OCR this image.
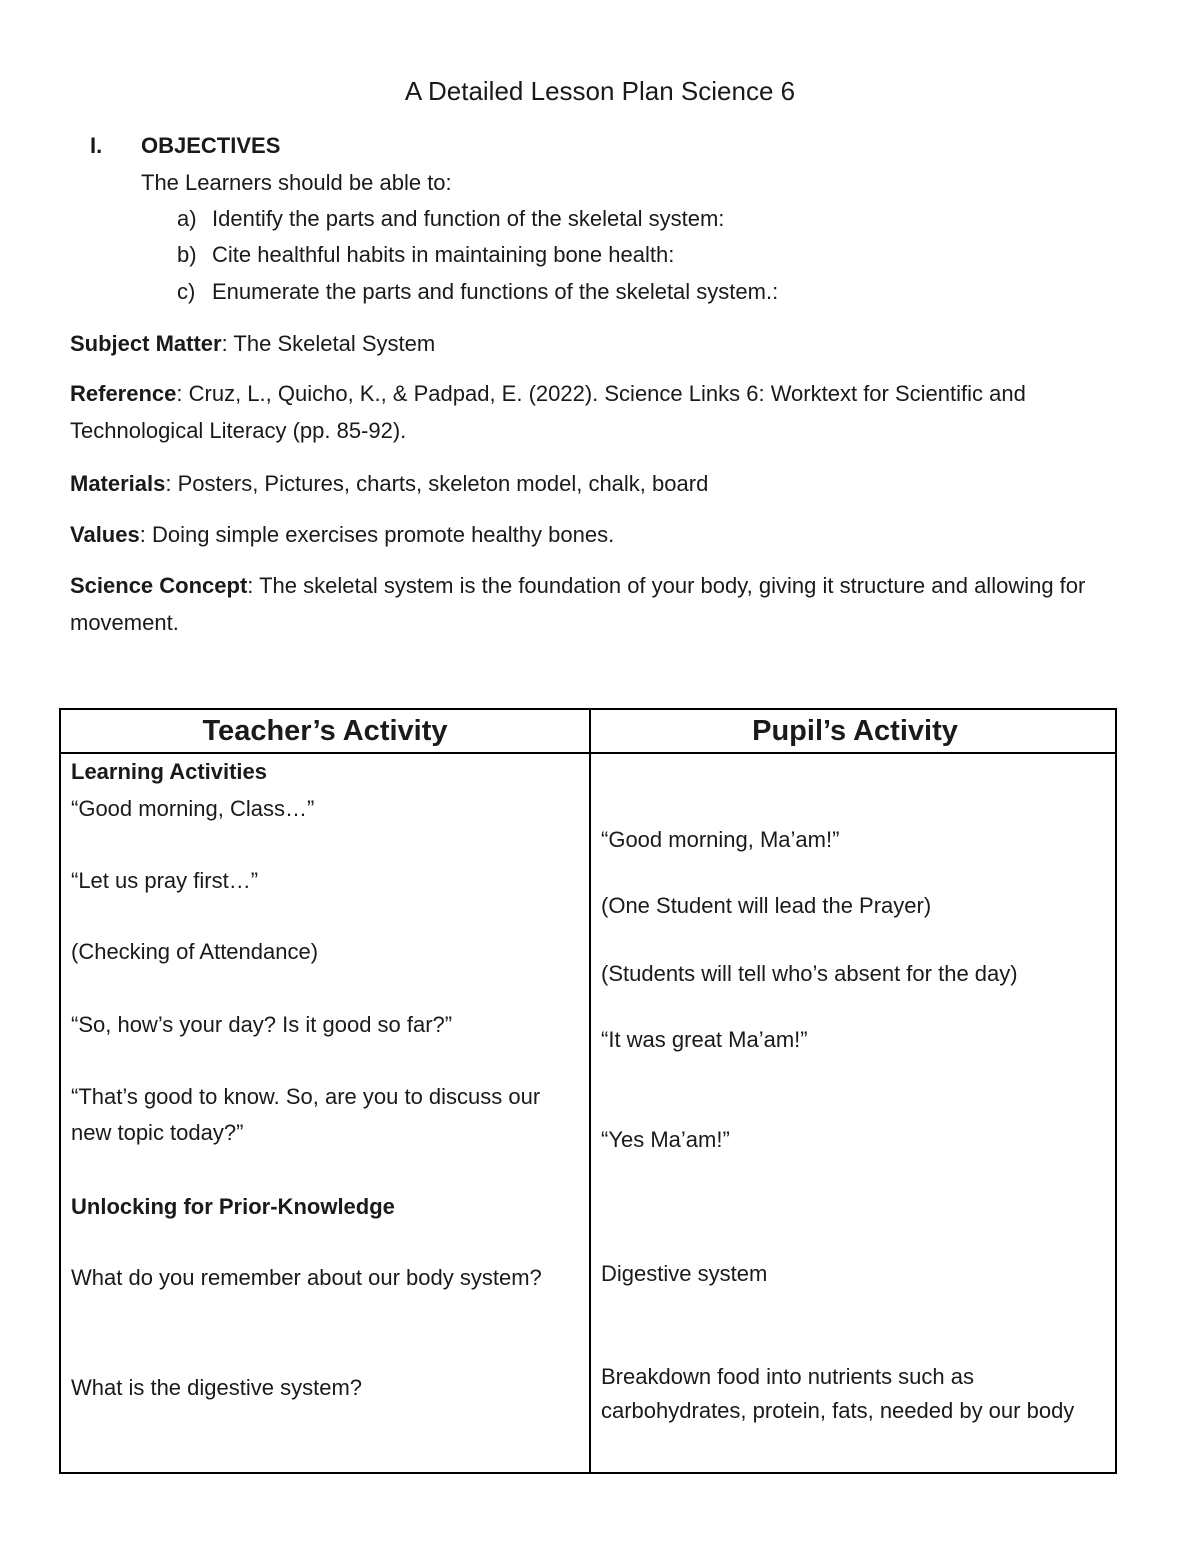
A Detailed Lesson Plan Science 6
I. OBJECTIVES
The Learners should be able to:
a) Identify the parts and function of the skeletal system:
b) Cite healthful habits in maintaining bone health:
c) Enumerate the parts and functions of the skeletal system.:
Subject Matter: The Skeletal System
Reference: Cruz, L., Quicho, K., & Padpad, E. (2022). Science Links 6: Worktext for Scientific and Technological Literacy (pp. 85-92).
Materials: Posters, Pictures, charts, skeleton model, chalk, board
Values: Doing simple exercises promote healthy bones.
Science Concept: The skeletal system is the foundation of your body, giving it structure and allowing for movement.
Teacher’s Activity	Pupil’s Activity
Learning Activities
“Good morning, Class…”
“Let us pray first…”
(Checking of Attendance)
“So, how’s your day? Is it good so far?”
“That’s good to know. So, are you to discuss our new topic today?”
Unlocking for Prior-Knowledge
What do you remember about our body system?
What is the digestive system?
“Good morning, Ma’am!”
(One Student will lead the Prayer)
(Students will tell who’s absent for the day)
“It was great Ma’am!”
“Yes Ma’am!”
Digestive system
Breakdown food into nutrients such as carbohydrates, protein, fats, needed by our body
